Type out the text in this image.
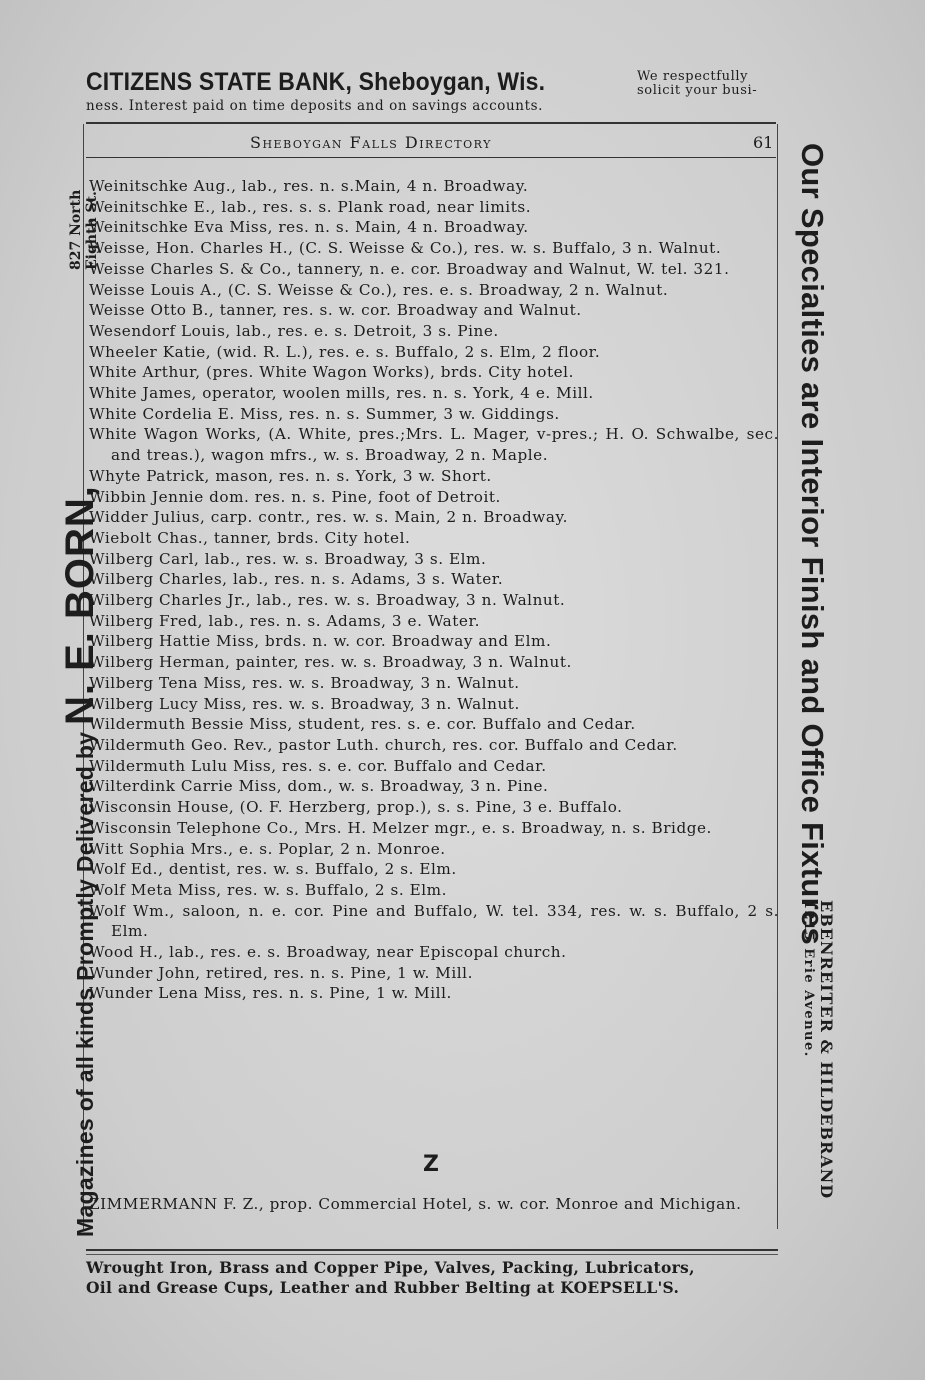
CITIZENS STATE BANK, Sheboygan, Wis.	We respectfully solicit your busi-
ness. Interest paid on time deposits and on savings accounts.
Sheboygan Falls Directory	61
Weinitschke Aug., lab., res. n. s.Main, 4 n. Broadway.
Weinitschke E., lab., res. s. s. Plank road, near limits.
Weinitschke Eva Miss, res. n. s. Main, 4 n. Broadway.
Weisse, Hon. Charles H., (C. S. Weisse & Co.), res. w. s. Buffalo, 3 n. Walnut.
Weisse Charles S. & Co., tannery, n. e. cor. Broadway and Walnut, W. tel. 321.
Weisse Louis A., (C. S. Weisse & Co.), res. e. s. Broadway, 2 n. Walnut.
Weisse Otto B., tanner, res. s. w. cor. Broadway and Walnut.
Wesendorf Louis, lab., res. e. s. Detroit, 3 s. Pine.
Wheeler Katie, (wid. R. L.), res. e. s. Buffalo, 2 s. Elm, 2 floor.
White Arthur, (pres. White Wagon Works), brds. City hotel.
White James, operator, woolen mills, res. n. s. York, 4 e. Mill.
White Cordelia E. Miss, res. n. s. Summer, 3 w. Giddings.
White Wagon Works, (A. White, pres.;Mrs. L. Mager, v-pres.; H. O. Schwalbe, sec. and treas.), wagon mfrs., w. s. Broadway, 2 n. Maple.
Whyte Patrick, mason, res. n. s. York, 3 w. Short.
Wibbin Jennie dom. res. n. s. Pine, foot of Detroit.
Widder Julius, carp. contr., res. w. s. Main, 2 n. Broadway.
Wiebolt Chas., tanner, brds. City hotel.
Wilberg Carl, lab., res. w. s. Broadway, 3 s. Elm.
Wilberg Charles, lab., res. n. s. Adams, 3 s. Water.
Wilberg Charles Jr., lab., res. w. s. Broadway, 3 n. Walnut.
Wilberg Fred, lab., res. n. s. Adams, 3 e. Water.
Wilberg Hattie Miss, brds. n. w. cor. Broadway and Elm.
Wilberg Herman, painter, res. w. s. Broadway, 3 n. Walnut.
Wilberg Tena Miss, res. w. s. Broadway, 3 n. Walnut.
Wilberg Lucy Miss, res. w. s. Broadway, 3 n. Walnut.
Wildermuth Bessie Miss, student, res. s. e. cor. Buffalo and Cedar.
Wildermuth Geo. Rev., pastor Luth. church, res. cor. Buffalo and Cedar.
Wildermuth Lulu Miss, res. s. e. cor. Buffalo and Cedar.
Wilterdink Carrie Miss, dom., w. s. Broadway, 3 n. Pine.
Wisconsin House, (O. F. Herzberg, prop.), s. s. Pine, 3 e. Buffalo.
Wisconsin Telephone Co., Mrs. H. Melzer mgr., e. s. Broadway, n. s. Bridge.
Witt Sophia Mrs., e. s. Poplar, 2 n. Monroe.
Wolf Ed., dentist, res. w. s. Buffalo, 2 s. Elm.
Wolf Meta Miss, res. w. s. Buffalo, 2 s. Elm.
Wolf Wm., saloon, n. e. cor. Pine and Buffalo, W. tel. 334, res. w. s. Buffalo, 2 s. Elm.
Wood H., lab., res. e. s. Broadway, near Episcopal church.
Wunder John, retired, res. n. s. Pine, 1 w. Mill.
Wunder Lena Miss, res. n. s. Pine, 1 w. Mill.
Z
ZIMMERMANN F. Z., prop. Commercial Hotel, s. w. cor. Monroe and Michigan.
Wrought Iron, Brass and Copper Pipe, Valves, Packing, Lubricators,
Oil and Grease Cups, Leather and Rubber Belting at KOEPSELL'S.
Magazines of all kinds Promptly Delivered by N. E. BORN,
827 North Eighth St.	Our Specialties are Interior Finish and Office Fixtures
EBENREITER & HILDEBRAND
1215 Erie Avenue.
